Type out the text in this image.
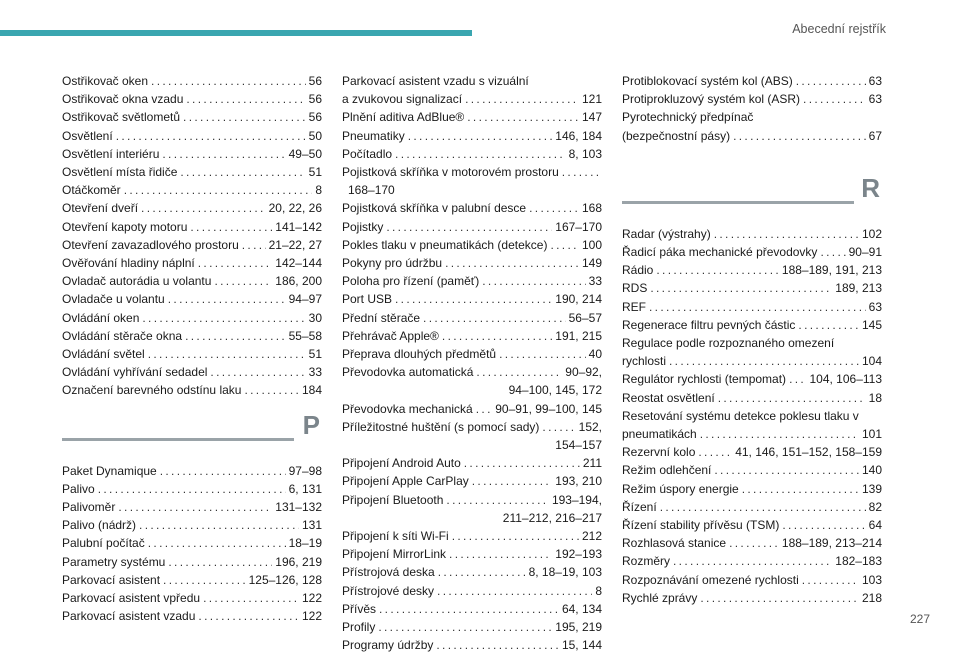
Abecední rejstřík
Ostřikovač oken . . .	56
Ostřikovač okna vzadu . . .	56
Ostřikovač světlometů . . .	56
Osvětlení . . .	50
Osvětlení interiéru . . .	49–50
Osvětlení místa řidiče . . .	51
Otáčkoměr . . .	8
Otevření dveří . . .	20, 22, 26
Otevření kapoty motoru . . .	141–142
Otevření zavazadlového prostoru . . . 21–22, 27
Ověřování hladiny náplní . . .	142–144
Ovladač autorádia u volantu . . .	186, 200
Ovladače u volantu . . .	94–97
Ovládání oken . . .	30
Ovládání stěrače okna . . .	55–58
Ovládání světel . . .	51
Ovládání vyhřívání sedadel . . .	33
Označení barevného odstínu laku . . .	184
P
Paket Dynamique . . .	97–98
Palivo . . .	6, 131
Palivoměr . . .	131–132
Palivo (nádrž) . . .	131
Palubní počítač . . .	18–19
Parametry systému . . .	196, 219
Parkovací asistent . . .	125–126, 128
Parkovací asistent vpředu . . .	122
Parkovací asistent vzadu . . .	122
Parkovací asistent vzadu s vizuální
a zvukovou signalizací . . .	121
Plnění aditiva AdBlue® . . .	147
Pneumatiky . . .	146, 184
Počítadlo . . .	8, 103
Pojistková skříňka v motorovém prostoru
. . .
168–170
Pojistková skříňka v palubní desce . . .	168
Pojistky . . .	167–170
Pokles tlaku v pneumatikách (detekce) . . .	100
Pokyny pro údržbu . . .	149
Poloha pro řízení (paměť) . . .	33
Port USB . . .	190, 214
Přední stěrače . . .	56–57
Přehrávač Apple® . . .	191, 215
Přeprava dlouhých předmětů . . .	40
Převodovka automatická . . .	90–92,
94–100, 145, 172
Převodovka mechanická . . . 90–91, 99–100, 145
Příležitostné huštění (s pomocí sady) . . .	152,
154–157
Připojení Android Auto . . .	211
Připojení Apple CarPlay . . .	193, 210
Připojení Bluetooth . . .	193–194,
211–212, 216–217
Připojení k síti Wi-Fi . . .	212
Připojení MirrorLink . . .	192–193
Přístrojová deska . . .	8, 18–19, 103
Přístrojové desky . . .	8
Přívěs . . .	64, 134
Profily . . .	195, 219
Programy údržby . . .	15, 144
Protiblokovací systém kol (ABS) . . .	63
Protiprokluzový systém kol (ASR) . . .	63
Pyrotechnický předpínač
(bezpečnostní pásy) . . .	67
R
Radar (výstrahy) . . .	102
Řadicí páka mechanické převodovky . . .	90–91
Rádio . . .	188–189, 191, 213
RDS . . .	189, 213
REF . . .	63
Regenerace filtru pevných částic . . .	145
Regulace podle rozpoznaného omezení
rychlosti . . .	104
Regulátor rychlosti (tempomat) . . . 104, 106–113
Reostat osvětlení . . .	18
Resetování systému detekce poklesu tlaku v
pneumatikách . . .	101
Rezervní kolo . . .	41, 146, 151–152, 158–159
Režim odlehčení . . .	140
Režim úspory energie . . .	139
Řízení . . .	82
Řízení stability přívěsu (TSM) . . .	64
Rozhlasová stanice . . .	188–189, 213–214
Rozměry . . .	182–183
Rozpoznávání omezené rychlosti . . .	103
Rychlé zprávy . . .	218
227
